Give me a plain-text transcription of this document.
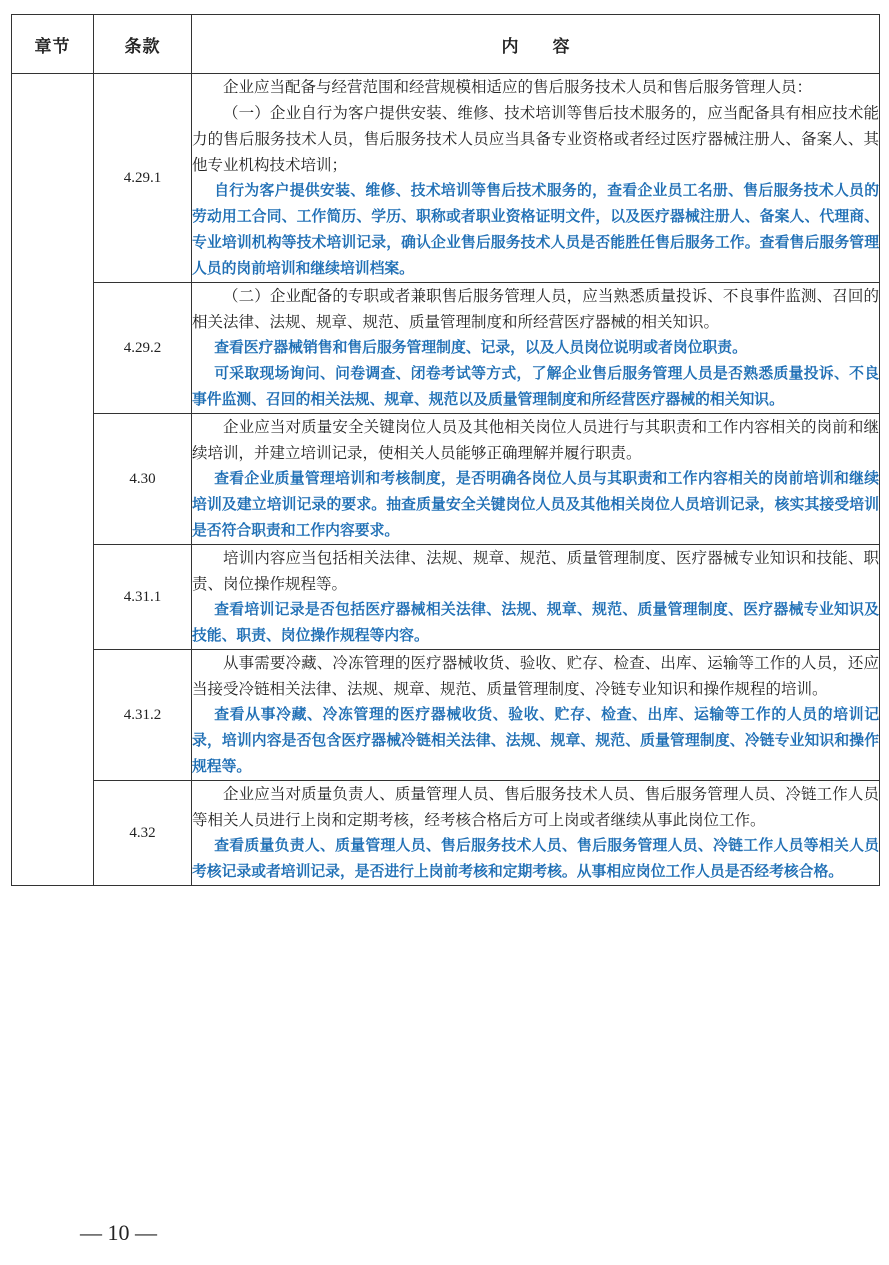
章节	条款	内　　容
	4.29.1	企业应当配备与经营范围和经营规模相适应的售后服务技术人员和售后服务管理人员：

（一）企业自行为客户提供安装、维修、技术培训等售后技术服务的，应当配备具有相应技术能力的售后服务技术人员，售后服务技术人员应当具备专业资格或者经过医疗器械注册人、备案人、其他专业机构技术培训；

自行为客户提供安装、维修、技术培训等售后技术服务的，查看企业员工名册、售后服务技术人员的劳动用工合同、工作简历、学历、职称或者职业资格证明文件，以及医疗器械注册人、备案人、代理商、专业培训机构等技术培训记录，确认企业售后服务技术人员是否能胜任售后服务工作。查看售后服务管理人员的岗前培训和继续培训档案。

	4.29.2	（二）企业配备的专职或者兼职售后服务管理人员，应当熟悉质量投诉、不良事件监测、召回的相关法律、法规、规章、规范、质量管理制度和所经营医疗器械的相关知识。

查看医疗器械销售和售后服务管理制度、记录，以及人员岗位说明或者岗位职责。

可采取现场询问、问卷调查、闭卷考试等方式，了解企业售后服务管理人员是否熟悉质量投诉、不良事件监测、召回的相关法规、规章、规范以及质量管理制度和所经营医疗器械的相关知识。

	4.30	企业应当对质量安全关键岗位人员及其他相关岗位人员进行与其职责和工作内容相关的岗前和继续培训，并建立培训记录，使相关人员能够正确理解并履行职责。

查看企业质量管理培训和考核制度，是否明确各岗位人员与其职责和工作内容相关的岗前培训和继续培训及建立培训记录的要求。抽查质量安全关键岗位人员及其他相关岗位人员培训记录，核实其接受培训是否符合职责和工作内容要求。

	4.31.1	培训内容应当包括相关法律、法规、规章、规范、质量管理制度、医疗器械专业知识和技能、职责、岗位操作规程等。

查看培训记录是否包括医疗器械相关法律、法规、规章、规范、质量管理制度、医疗器械专业知识及技能、职责、岗位操作规程等内容。

	4.31.2	从事需要冷藏、冷冻管理的医疗器械收货、验收、贮存、检查、出库、运输等工作的人员，还应当接受冷链相关法律、法规、规章、规范、质量管理制度、冷链专业知识和操作规程的培训。

查看从事冷藏、冷冻管理的医疗器械收货、验收、贮存、检查、出库、运输等工作的人员的培训记录，培训内容是否包含医疗器械冷链相关法律、法规、规章、规范、质量管理制度、冷链专业知识和操作规程等。

	4.32	企业应当对质量负责人、质量管理人员、售后服务技术人员、售后服务管理人员、冷链工作人员等相关人员进行上岗和定期考核，经考核合格后方可上岗或者继续从事此岗位工作。

查看质量负责人、质量管理人员、售后服务技术人员、售后服务管理人员、冷链工作人员等相关人员考核记录或者培训记录，是否进行上岗前考核和定期考核。从事相应岗位工作人员是否经考核合格。

— 10 —
